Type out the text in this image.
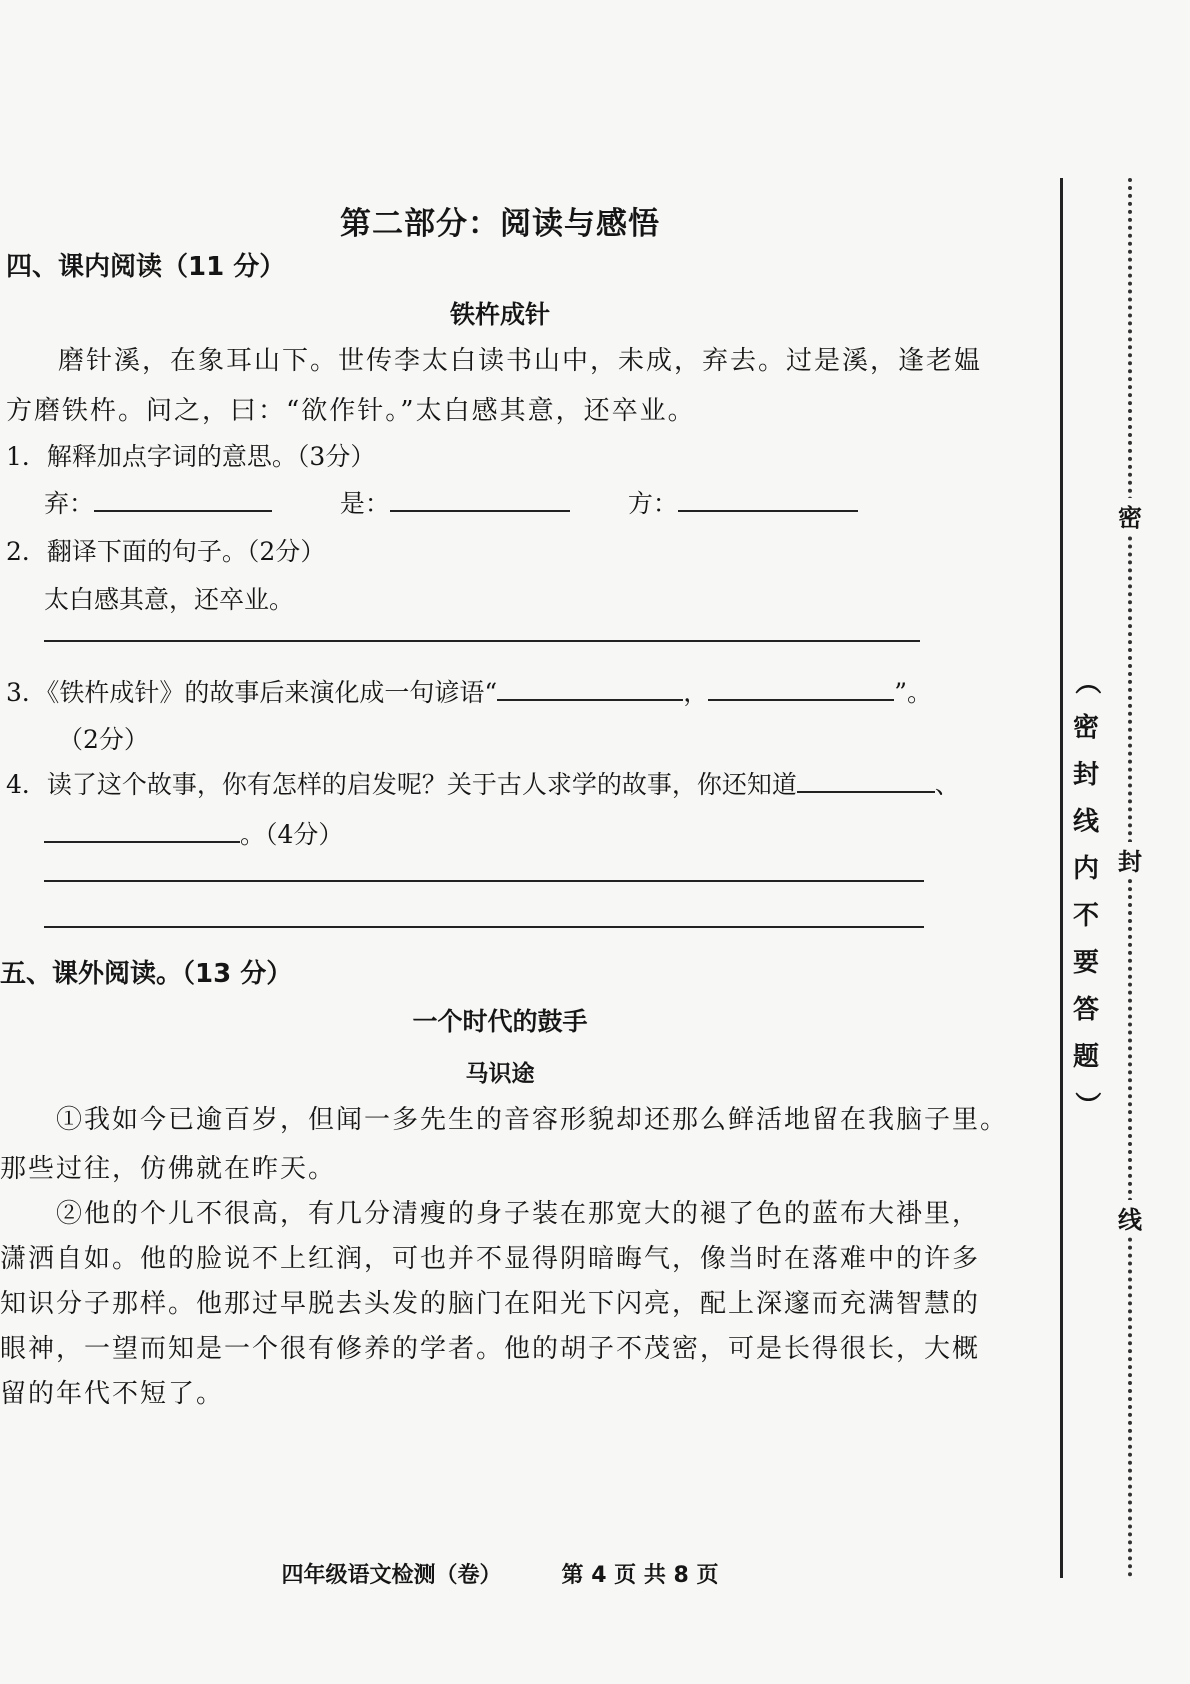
第二部分：阅读与感悟
四、课内阅读（11 分）
铁杵成针
磨针溪，在象耳山下。世传李太白读书山中，未成，弃去。过是溪，逢老媪
方磨铁杵。问之，曰：“欲作针。”太白感其意，还卒业。
1．解释加点字词的意思。（3分）
弃：	是：	方：
2．翻译下面的句子。（2分）
太白感其意，还卒业。
3．《铁杵成针》的故事后来演化成一句谚语“	，	”。
（2分）
4．读了这个故事，你有怎样的启发呢？关于古人求学的故事，你还知道	、
。（4分）
五、课外阅读。（13 分）
一个时代的鼓手
马识途
①我如今已逾百岁，但闻一多先生的音容形貌却还那么鲜活地留在我脑子里。
那些过往，仿佛就在昨天。
②他的个儿不很高，有几分清瘦的身子装在那宽大的褪了色的蓝布大褂里，
潇洒自如。他的脸说不上红润，可也并不显得阴暗晦气，像当时在落难中的许多
知识分子那样。他那过早脱去头发的脑门在阳光下闪亮，配上深邃而充满智慧的
眼神，一望而知是一个很有修养的学者。他的胡子不茂密，可是长得很长，大概
留的年代不短了。
四年级语文检测（卷）	第 4 页 共 8 页
密
封
线
（
密
封
线
内
不
要
答
题
）
